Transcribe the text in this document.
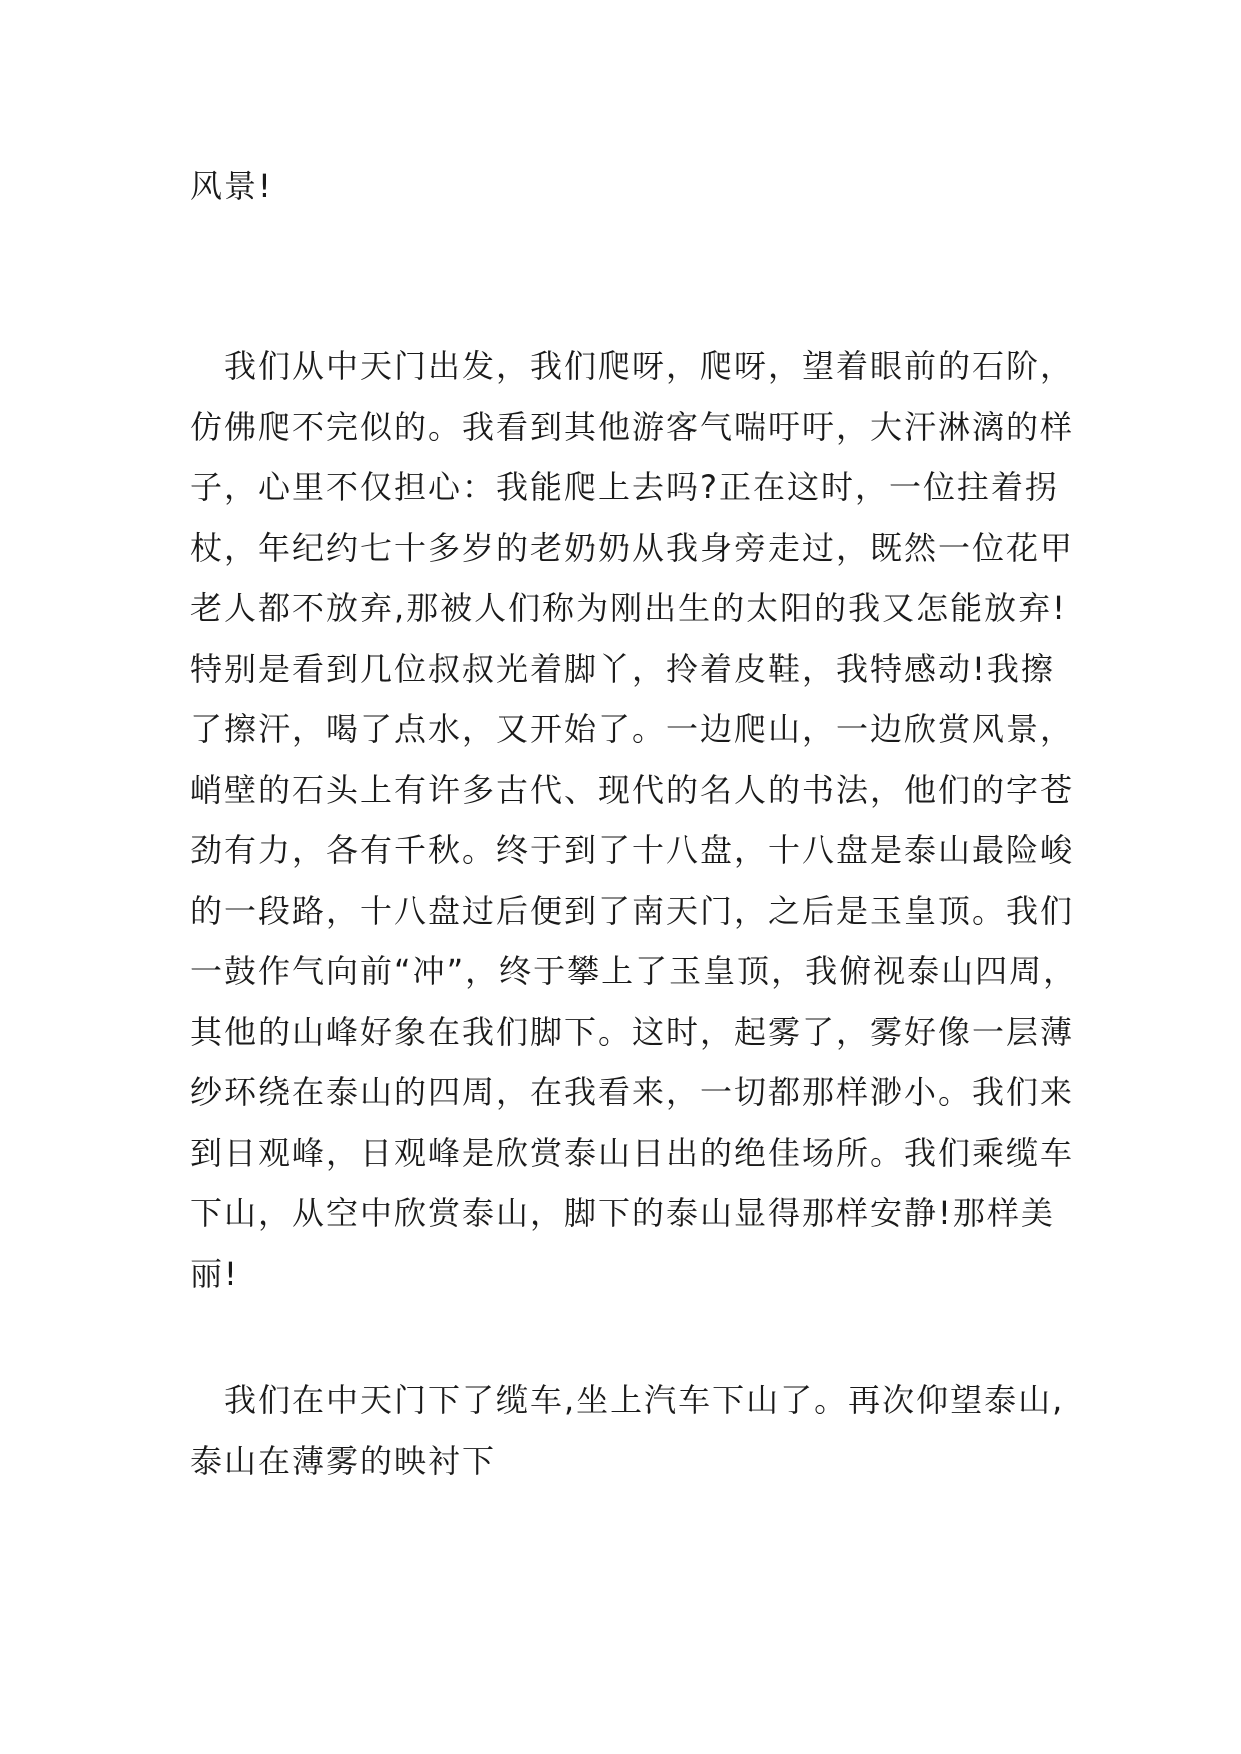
风景!

　我们从中天门出发，我们爬呀，爬呀，望着眼前的石阶，
仿佛爬不完似的。我看到其他游客气喘吁吁，大汗淋漓的样
子，心里不仅担心：我能爬上去吗?正在这时，一位拄着拐
杖，年纪约七十多岁的老奶奶从我身旁走过，既然一位花甲
老人都不放弃,那被人们称为刚出生的太阳的我又怎能放弃!
特别是看到几位叔叔光着脚丫，拎着皮鞋，我特感动!我擦
了擦汗，喝了点水，又开始了。一边爬山，一边欣赏风景，
峭壁的石头上有许多古代、现代的名人的书法，他们的字苍
劲有力，各有千秋。终于到了十八盘，十八盘是泰山最险峻
的一段路，十八盘过后便到了南天门，之后是玉皇顶。我们
一鼓作气向前“冲”，终于攀上了玉皇顶，我俯视泰山四周，
其他的山峰好象在我们脚下。这时，起雾了，雾好像一层薄
纱环绕在泰山的四周，在我看来，一切都那样渺小。我们来
到日观峰，日观峰是欣赏泰山日出的绝佳场所。我们乘缆车
下山，从空中欣赏泰山，脚下的泰山显得那样安静!那样美
丽!

　我们在中天门下了缆车,坐上汽车下山了。再次仰望泰山,
泰山在薄雾的映衬下
